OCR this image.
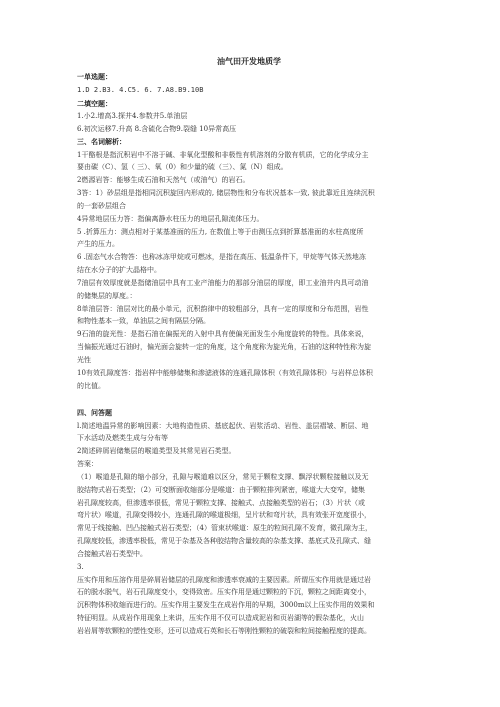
油气田开发地质学
一单选题：
1.D 2.B3. 4.C5. 6. 7.A8.B9.10B
二填空题：
1.小2.增高3.探井4.参数井5.单油层
6.初次运移7.升高 8.含硫化合物9.裂缝 10异常高压
三、名词解析：
1干酪根是指沉积岩中不溶于碱、非氧化型酸和非极性有机溶剂的分散有机质，它的化学成分主
要由碳（C）、氢（ 三）、氧（0）和少量的硫（三）、氮（N）组成。
2燃源岩答：能够生成石油和天然气（或油气）的岩石。
3答：1）砂层组是指相同沉积旋回内形成的, 储层物性和分布状况基本一致, 彼此靠近且连续沉积
的一套砂层组合
4异常地层压力答：指偏离静水柱压力的地层孔隙流体压力。
5 .折算压力：测点相对于某基准面的压力, 在数值上等于由测压点到折算基准面的水柱高度所
产生的压力。
6 .固态气水合物答：也称冰冻甲烷或可燃冰，是指在高压、低温条件下，甲烷等气体天然地冻
结在水分子的扩大晶格中。
7油层有效厚度就是指储油层中具有工业产油能力的那部分油层的厚度，即工业油井内具可动油
的储集层的厚度。：
8单油层答：油层对比的最小单元，沉积韵律中的较粗部分，具有一定的厚度和分布范围，岩性
和物性基本一致，单油层之间有隔层分隔。
9石油的旋光性：是指石油在偏振光的入射中具有使偏光面发生小角度旋转的特性。具体来说，
当偏振光通过石油时，偏光面会旋转一定的角度，这个角度称为旋光角，石油的这种特性称为旋
光性
10有效孔隙度答：指岩样中能够储集和渗滤液体的连通孔隙体积（有效孔隙体积）与岩样总体积
的比值。
四、问答题
l.简述地温异常的影响因素：大地构造性质、基底起伏、岩浆活动、岩性、盖层褶皱、断层、地
下水活动及燃类生成与分布等
2简述碎屑岩储集层的喉道类型及其常见岩石类型。
答案：
（1）喉道是孔隙的缩小部分，孔隙与喉道难以区分，常见于颗粒支撑、飘浮状颗粒接触以及无
胶结物式岩石类型；（2）可变断面收缩部分是喉道：由于颗粒排列紧密，喉道大大变窄，储集
岩孔隙度较高，但渗透率很低，常见于颗粒支撑、接触式、点接触类型的岩石；（3）片状（或
弯片状）喉道，孔隙变得较小，连通孔隙的喉道极细，呈片状和弯片状，具有效张开宽度很小，
常见于线接触、凹凸接触式岩石类型；（4）管束状喉道：原生的粒间孔隙不发育，微孔隙为主，
孔隙度较低，渗透率极低，常见于杂基及各种胶结物含量较高的杂基支撑、基底式及孔隙式、缝
合接触式岩石类型中。
3.
压实作用和压溶作用是碎屑岩储层的孔隙度和渗透率衰减的主要因素。所谓压实作用就是通过岩
石的脱水脱气，岩石孔隙度变小，变得致密。压实作用是通过颗粒的下沉，颗粒之间距离变小，
沉积物体积收缩而进行的。压实作用主要发生在成岩作用的早期，3000m以上压实作用的效果和
特征明显。从成岩作用现象上来讲，压实作用不仅可以造成泥岩和页岩湖等的假杂基化，火山
岩岩屑等软颗粒的塑性变形，还可以造成石英和长石等刚性颗粒的破裂和粒间接触程度的提高。
